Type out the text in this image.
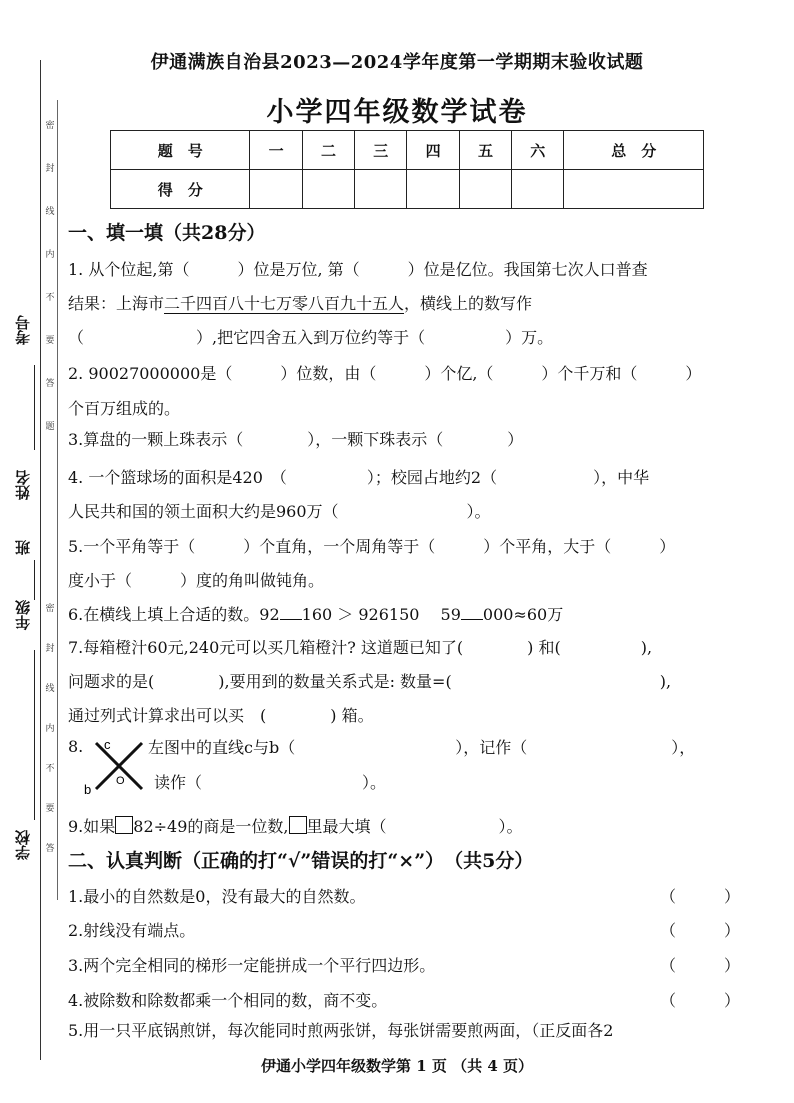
密
封
线
内
不
要
答
题
密
封
线
内
不
要
答
考号
姓名
班
年级
学校
伊通满族自治县2023—2024学年度第一学期期末验收试题
小学四年级数学试卷
题　号	一	二	三	四	五	六	总　分
得　分							
一、填一填（共28分）
1. 从个位起,第（　　　）位是万位, 第（　　　）位是亿位。我国第七次人口普查
结果：上海市二千四百八十七万零八百九十五人，横线上的数写作
（　　　　　　　）,把它四舍五入到万位约等于（　　　　　）万。
2. 90027000000是（　　　）位数，由（　　　）个亿,（　　　）个千万和（　　　）
个百万组成的。
3.算盘的一颗上珠表示（　　　　），一颗下珠表示（　　　　）
4. 一个篮球场的面积是420　（　　　　　）；校园占地约2（　　　　　　），中华
人民共和国的领土面积大约是960万（　　　　　　　　）。
5.一个平角等于（　　　）个直角，一个周角等于（　　　）个平角，大于（　　　）
度小于（　　　）度的角叫做钝角。
6.在横线上填上合适的数。92 160 ＞ 926150　 59 000≈60万
7.每箱橙汁60元,240元可以买几箱橙汁? 这道题已知了(　　　　) 和(　　　　　),
问题求的是(　　　　),要用到的数量关系式是: 数量=(　　　　　　　　　　　　　),
通过列式计算求出可以买　(　　　　) 箱。
8. c
b
O
左图中的直线c与b（　　　　　　　　　　），记作（　　　　　　　　　），
读作（　　　　　　　　　　）。
9.如果 82÷49的商是一位数, 里最大填（　　　　　　　）。
二、认真判断（正确的打“√”错误的打“×”）　（共5分）
1.最小的自然数是0，没有最大的自然数。	（　　　）
2.射线没有端点。	（　　　）
3.两个完全相同的梯形一定能拼成一个平行四边形。	（　　　）
4.被除数和除数都乘一个相同的数，商不变。	（　　　）
5.用一只平底锅煎饼，每次能同时煎两张饼，每张饼需要煎两面，（正反面各2
伊通小学四年级数学第 1 页 （共 4 页）
